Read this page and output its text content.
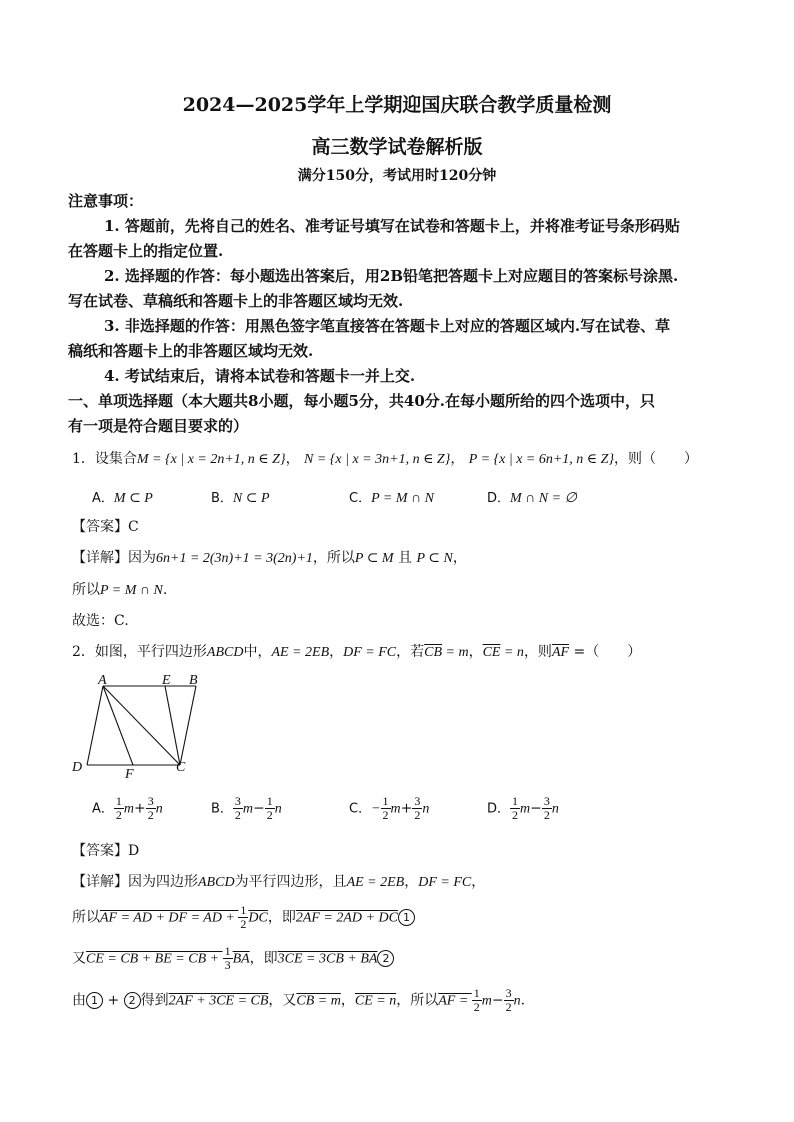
2024—2025学年上学期迎国庆联合教学质量检测
高三数学试卷解析版
满分150分，考试用时120分钟
注意事项：
1. 答题前，先将自己的姓名、准考证号填写在试卷和答题卡上，并将准考证号条形码贴
在答题卡上的指定位置.
2. 选择题的作答：每小题选出答案后，用2B铅笔把答题卡上对应题目的答案标号涂黑.
写在试卷、草稿纸和答题卡上的非答题区域均无效.
3. 非选择题的作答：用黑色签字笔直接答在答题卡上对应的答题区域内.写在试卷、草
稿纸和答题卡上的非答题区域均无效.
4. 考试结束后，请将本试卷和答题卡一并上交.
一、单项选择题（本大题共8小题，每小题5分，共40分.在每小题所给的四个选项中，只
有一项是符合题目要求的）
1．设集合M = {x | x = 2n+1, n ∈ Z}， N = {x | x = 3n+1, n ∈ Z}， P = {x | x = 6n+1, n ∈ Z}，则（　　）
A．M ⊂ P	B．N ⊂ P	C．P = M ∩ N	D．M ∩ N = ∅
【答案】C
【详解】因为6n+1 = 2(3n)+1 = 3(2n)+1，所以P ⊂ M 且 P ⊂ N，
所以P = M ∩ N.
故选：C.
2．如图，平行四边形ABCD中，AE = 2EB，DF = FC，若$\overline{CB} = m$，$\overline{CE} = n$，则$\overline{AF}$ =（　　）
A	E B
D	F	C
A． $\frac{1}{2} m+ \frac{3}{2}$ n	B． $\frac{3}{2} m- \frac{1}{2}$ n	C．− $\frac{1}{2} m+ \frac{3}{2}$ n	D． $\frac{1}{2} m- \frac{3}{2}$ n
【答案】D
【详解】因为四边形ABCD为平行四边形，且AE = 2EB，DF = FC，
所以AF = AD + DF = AD + $\frac{1}{2} \overline{DC}$，即2AF = 2AD + DC 1
又CE = CB + BE = CB + $\frac{1}{3} \overline{BA}$，即3CE = 3CB + BA 2
由 1 + 2 得到2AF + 3CE = CB，又CB = m，CE = n，所以AF = $\frac{1}{2} m- \frac{3}{2} n$.
